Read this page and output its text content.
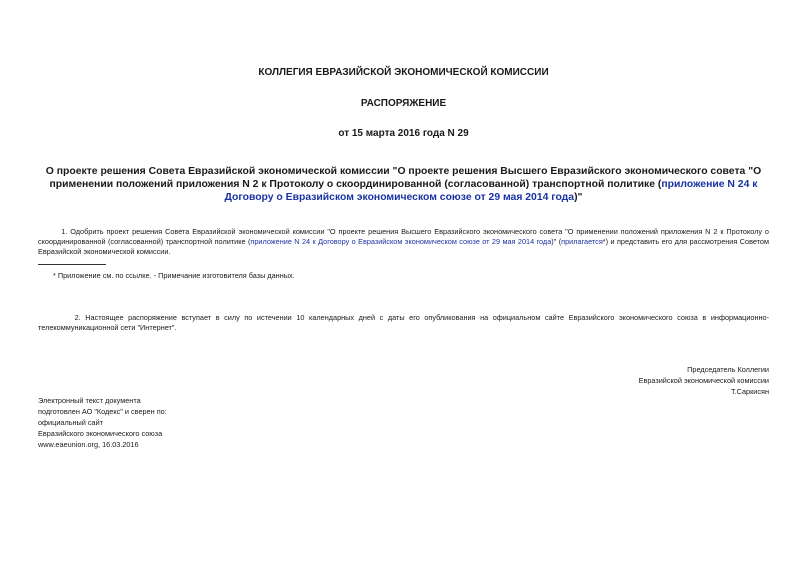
КОЛЛЕГИЯ ЕВРАЗИЙСКОЙ ЭКОНОМИЧЕСКОЙ КОМИССИИ
РАСПОРЯЖЕНИЕ
от 15 марта 2016 года N 29
О проекте решения Совета Евразийской экономической комиссии "О проекте решения Высшего Евразийского экономического совета "О применении положений приложения N 2 к Протоколу о скоординированной (согласованной) транспортной политике (приложение N 24 к Договору о Евразийском экономическом союзе от 29 мая 2014 года)"
1. Одобрить проект решения Совета Евразийской экономической комиссии "О проекте решения Высшего Евразийского экономического совета "О применении положений приложения N 2 к Протоколу о скоординированной (согласованной) транспортной политике (приложение N 24 к Договору о Евразийском экономическом союзе от 29 мая 2014 года)" (прилагается*) и представить его для рассмотрения Советом Евразийской экономической комиссии.
* Приложение см. по ссылке. - Примечание изготовителя базы данных.
2. Настоящее распоряжение вступает в силу по истечении 10 календарных дней с даты его опубликования на официальном сайте Евразийского экономического союза в информационно-телекоммуникационной сети "Интернет".
Председатель Коллегии
Евразийской экономической комиссии
Т.Саркисян
Электронный текст документа
подготовлен АО "Кодекс" и сверен по:
официальный сайт
Евразийского экономического союза
www.eaeunion.org, 16.03.2016
